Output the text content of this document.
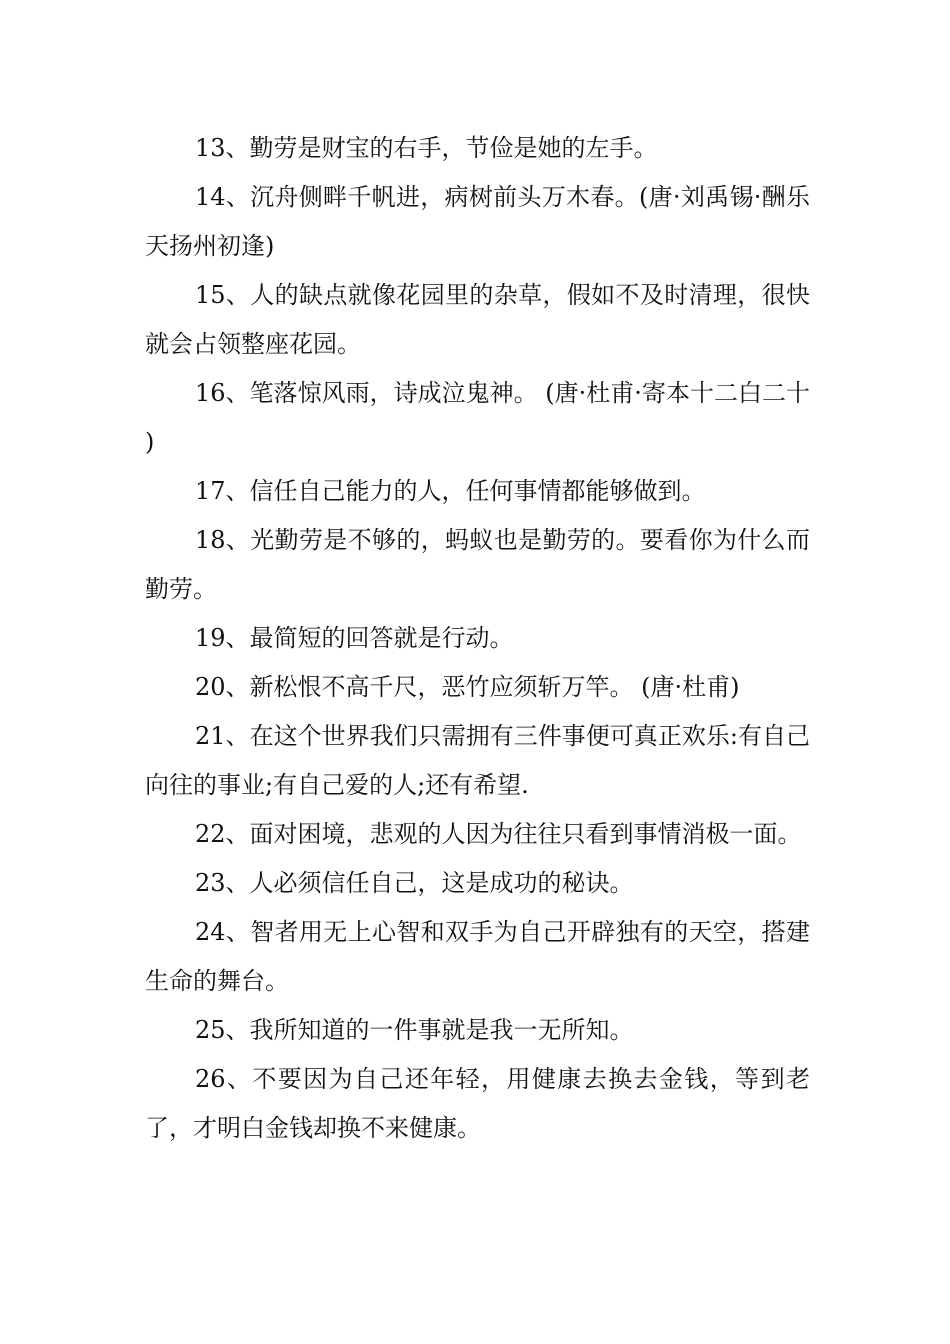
13、勤劳是财宝的右手，节俭是她的左手。

14、沉舟侧畔千帆进，病树前头万木春。(唐·刘禹锡·酬乐天扬州初逢)

15、人的缺点就像花园里的杂草，假如不及时清理，很快就会占领整座花园。

16、笔落惊风雨，诗成泣鬼神。 (唐·杜甫·寄本十二白二十 )

17、信任自己能力的人，任何事情都能够做到。

18、光勤劳是不够的，蚂蚁也是勤劳的。要看你为什么而勤劳。

19、最简短的回答就是行动。

20、新松恨不高千尺，恶竹应须斩万竿。 (唐·杜甫)

21、在这个世界我们只需拥有三件事便可真正欢乐:有自己向往的事业;有自己爱的人;还有希望.

22、面对困境，悲观的人因为往往只看到事情消极一面。

23、人必须信任自己，这是成功的秘诀。

24、智者用无上心智和双手为自己开辟独有的天空，搭建生命的舞台。

25、我所知道的一件事就是我一无所知。

26、不要因为自己还年轻，用健康去换去金钱，等到老了，才明白金钱却换不来健康。
